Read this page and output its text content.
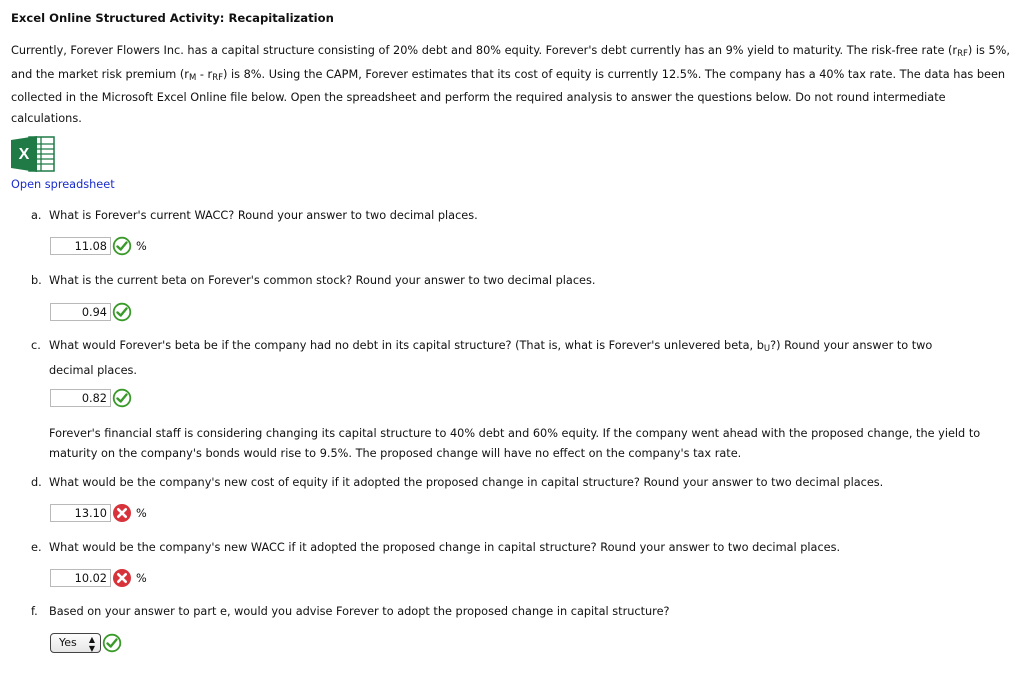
Excel Online Structured Activity: Recapitalization
Currently, Forever Flowers Inc. has a capital structure consisting of 20% debt and 80% equity. Forever's debt currently has an 9% yield to maturity. The risk-free rate $(r_{RF})$ is 5%, and the market risk premium $(r_M - r_{RF})$ is 8%. Using the CAPM, Forever estimates that its cost of equity is currently 12.5%. The company has a 40% tax rate. The data has been collected in the Microsoft Excel Online file below. Open the spreadsheet and perform the required analysis to answer the questions below. Do not round intermediate calculations.
X
Open spreadsheet
a. What is Forever's current WACC? Round your answer to two decimal places.
11.08	%
b. What is the current beta on Forever's common stock? Round your answer to two decimal places.
0.94
c. What would Forever's beta be if the company had no debt in its capital structure? (That is, what is Forever's unlevered beta, $b_U$?) Round your answer to two decimal places.
0.82
Forever's financial staff is considering changing its capital structure to 40% debt and 60% equity. If the company went ahead with the proposed change, the yield to maturity on the company's bonds would rise to 9.5%. The proposed change will have no effect on the company's tax rate.
d. What would be the company's new cost of equity if it adopted the proposed change in capital structure? Round your answer to two decimal places.
13.10	%
e. What would be the company's new WACC if it adopted the proposed change in capital structure? Round your answer to two decimal places.
10.02	%
f. Based on your answer to part e, would you advise Forever to adopt the proposed change in capital structure?
Yes ▲
▼
